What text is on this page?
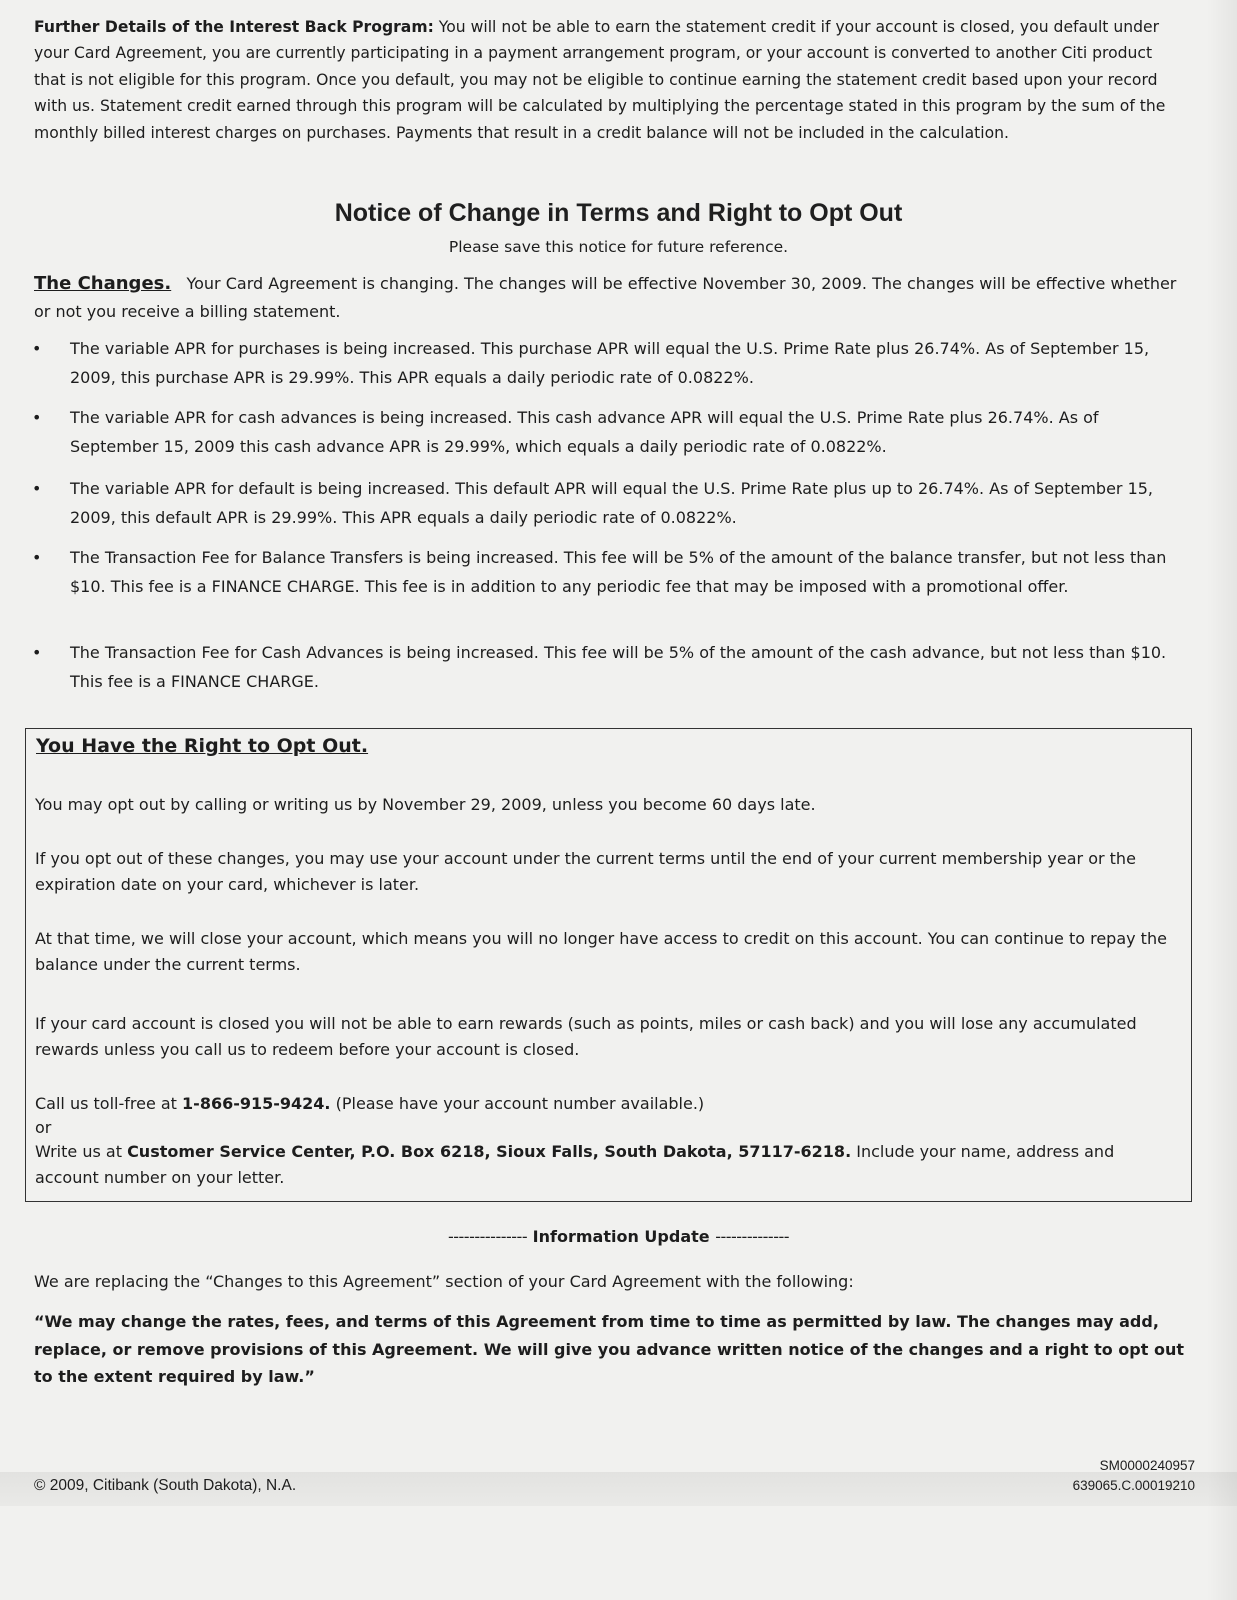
Further Details of the Interest Back Program: You will not be able to earn the statement credit if your account is closed, you default under your Card Agreement, you are currently participating in a payment arrangement program, or your account is converted to another Citi product that is not eligible for this program. Once you default, you may not be eligible to continue earning the statement credit based upon your record with us. Statement credit earned through this program will be calculated by multiplying the percentage stated in this program by the sum of the monthly billed interest charges on purchases. Payments that result in a credit balance will not be included in the calculation.
Notice of Change in Terms and Right to Opt Out
Please save this notice for future reference.
The Changes. Your Card Agreement is changing. The changes will be effective November 30, 2009. The changes will be effective whether or not you receive a billing statement.
•	The variable APR for purchases is being increased. This purchase APR will equal the U.S. Prime Rate plus 26.74%. As of September 15, 2009, this purchase APR is 29.99%. This APR equals a daily periodic rate of 0.0822%.
•	The variable APR for cash advances is being increased. This cash advance APR will equal the U.S. Prime Rate plus 26.74%. As of September 15, 2009 this cash advance APR is 29.99%, which equals a daily periodic rate of 0.0822%.
•	The variable APR for default is being increased. This default APR will equal the U.S. Prime Rate plus up to 26.74%. As of September 15, 2009, this default APR is 29.99%. This APR equals a daily periodic rate of 0.0822%.
•	The Transaction Fee for Balance Transfers is being increased. This fee will be 5% of the amount of the balance transfer, but not less than $10. This fee is a FINANCE CHARGE. This fee is in addition to any periodic fee that may be imposed with a promotional offer.
•	The Transaction Fee for Cash Advances is being increased. This fee will be 5% of the amount of the cash advance, but not less than $10. This fee is a FINANCE CHARGE.
You Have the Right to Opt Out.
You may opt out by calling or writing us by November 29, 2009, unless you become 60 days late.
If you opt out of these changes, you may use your account under the current terms until the end of your current membership year or the expiration date on your card, whichever is later.
At that time, we will close your account, which means you will no longer have access to credit on this account. You can continue to repay the balance under the current terms.
If your card account is closed you will not be able to earn rewards (such as points, miles or cash back) and you will lose any accumulated rewards unless you call us to redeem before your account is closed.
Call us toll-free at 1-866-915-9424. (Please have your account number available.)
or
Write us at Customer Service Center, P.O. Box 6218, Sioux Falls, South Dakota, 57117-6218. Include your name, address and account number on your letter.
--------------- Information Update --------------
We are replacing the “Changes to this Agreement” section of your Card Agreement with the following:
“We may change the rates, fees, and terms of this Agreement from time to time as permitted by law. The changes may add, replace, or remove provisions of this Agreement. We will give you advance written notice of the changes and a right to opt out to the extent required by law.”
© 2009, Citibank (South Dakota), N.A.
SM0000240957
639065.C.00019210
